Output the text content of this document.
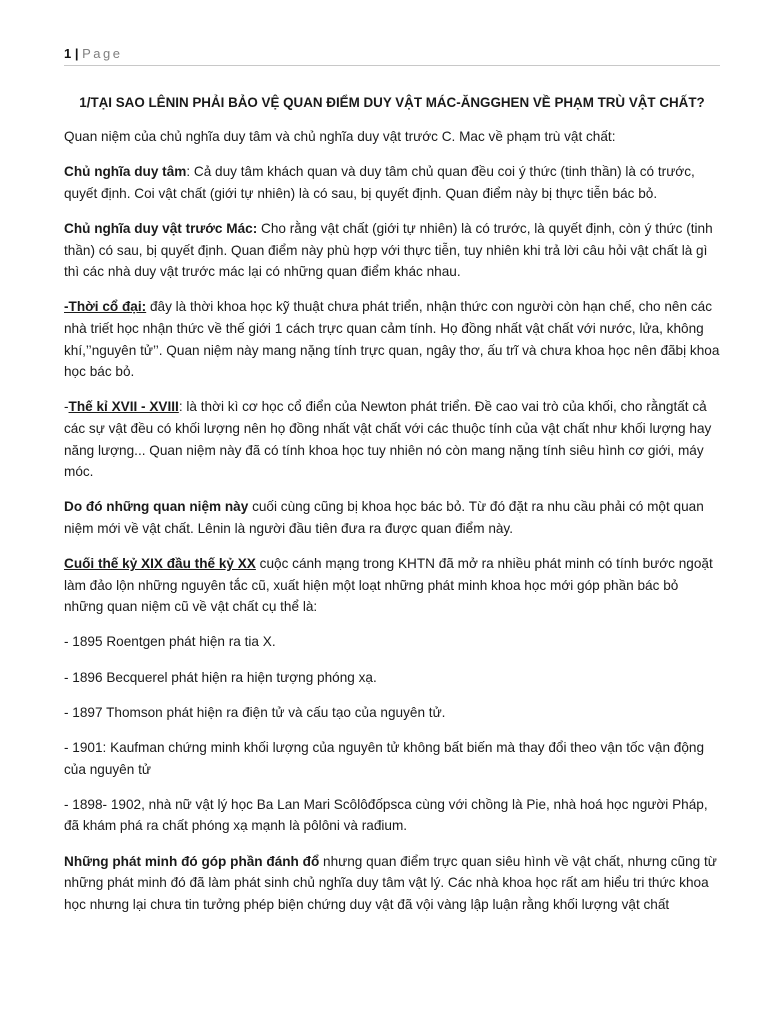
1 | Page
1/TẠI SAO LÊNIN PHẢI BẢO VỆ QUAN ĐIỂM DUY VẬT MÁC-ĂNGGHEN VỀ PHẠM TRÙ VẬT CHẤT?

Quan niệm của chủ nghĩa duy tâm và chủ nghĩa duy vật trước C. Mac về phạm trù vật chất:

Chủ nghĩa duy tâm: Cả duy tâm khách quan và duy tâm chủ quan đều coi ý thức (tinh thần) là có trước, quyết định. Coi vật chất (giới tự nhiên) là có sau, bị quyết định. Quan điểm này bị thực tiễn bác bỏ.

Chủ nghĩa duy vật trước Mác: Cho rằng vật chất (giới tự nhiên) là có trước, là quyết định, còn ý thức (tinh thần) có sau, bị quyết định. Quan điểm này phù hợp với thực tiễn, tuy nhiên khi trả lời câu hỏi vật chất là gì thì các nhà duy vật trước mác lại có những quan điểm khác nhau.

-Thời cổ đại: đây là thời khoa học kỹ thuật chưa phát triển, nhận thức con người còn hạn chế, cho nên các nhà triết học nhận thức về thế giới 1 cách trực quan cảm tính. Họ đồng nhất vật chất với nước, lửa, không khí,’’nguyên tử’’. Quan niệm này mang nặng tính trực quan, ngây thơ, ấu trĩ và chưa khoa học nên đãbị khoa học bác bỏ.

-Thế kỉ XVII - XVIII: là thời kì cơ học cổ điển của Newton phát triển. Đề cao vai trò của khối, cho rằngtất cả các sự vật đều có khối lượng nên họ đồng nhất vật chất với các thuộc tính của vật chất như khối lượng hay năng lượng... Quan niệm này đã có tính khoa học tuy nhiên nó còn mang nặng tính siêu hình cơ giới, máy móc.

Do đó những quan niệm này cuối cùng cũng bị khoa học bác bỏ. Từ đó đặt ra nhu cầu phải có một quan niệm mới về vật chất. Lênin là người đầu tiên đưa ra được quan điểm này.

Cuối thế kỷ XIX đầu thế kỷ XX cuộc cánh mạng trong KHTN đã mở ra nhiều phát minh có tính bước ngoặt làm đảo lộn những nguyên tắc cũ, xuất hiện một loạt những phát minh khoa học mới góp phần bác bỏ những quan niệm cũ về vật chất cụ thể là:

- 1895 Roentgen phát hiện ra tia X.

- 1896 Becquerel phát hiện ra hiện tượng phóng xạ.

- 1897 Thomson phát hiện ra điện tử và cấu tạo của nguyên tử.

- 1901: Kaufman chứng minh khối lượng của nguyên tử không bất biến mà thay đổi theo vận tốc vận động của nguyên tử

- 1898- 1902, nhà nữ vật lý học Ba Lan Mari Scôlôđốpsca cùng với chồng là Pie, nhà hoá học người Pháp, đã khám phá ra chất phóng xạ mạnh là pôlôni và rađium.

Những phát minh đó góp phần đánh đổ nhưng quan điểm trực quan siêu hình về vật chất, nhưng cũng từ những phát minh đó đã làm phát sinh chủ nghĩa duy tâm vật lý. Các nhà khoa học rất am hiểu tri thức khoa học nhưng lại chưa tin tưởng phép biện chứng duy vật đã vội vàng lập luận rằng khối lượng vật chất
